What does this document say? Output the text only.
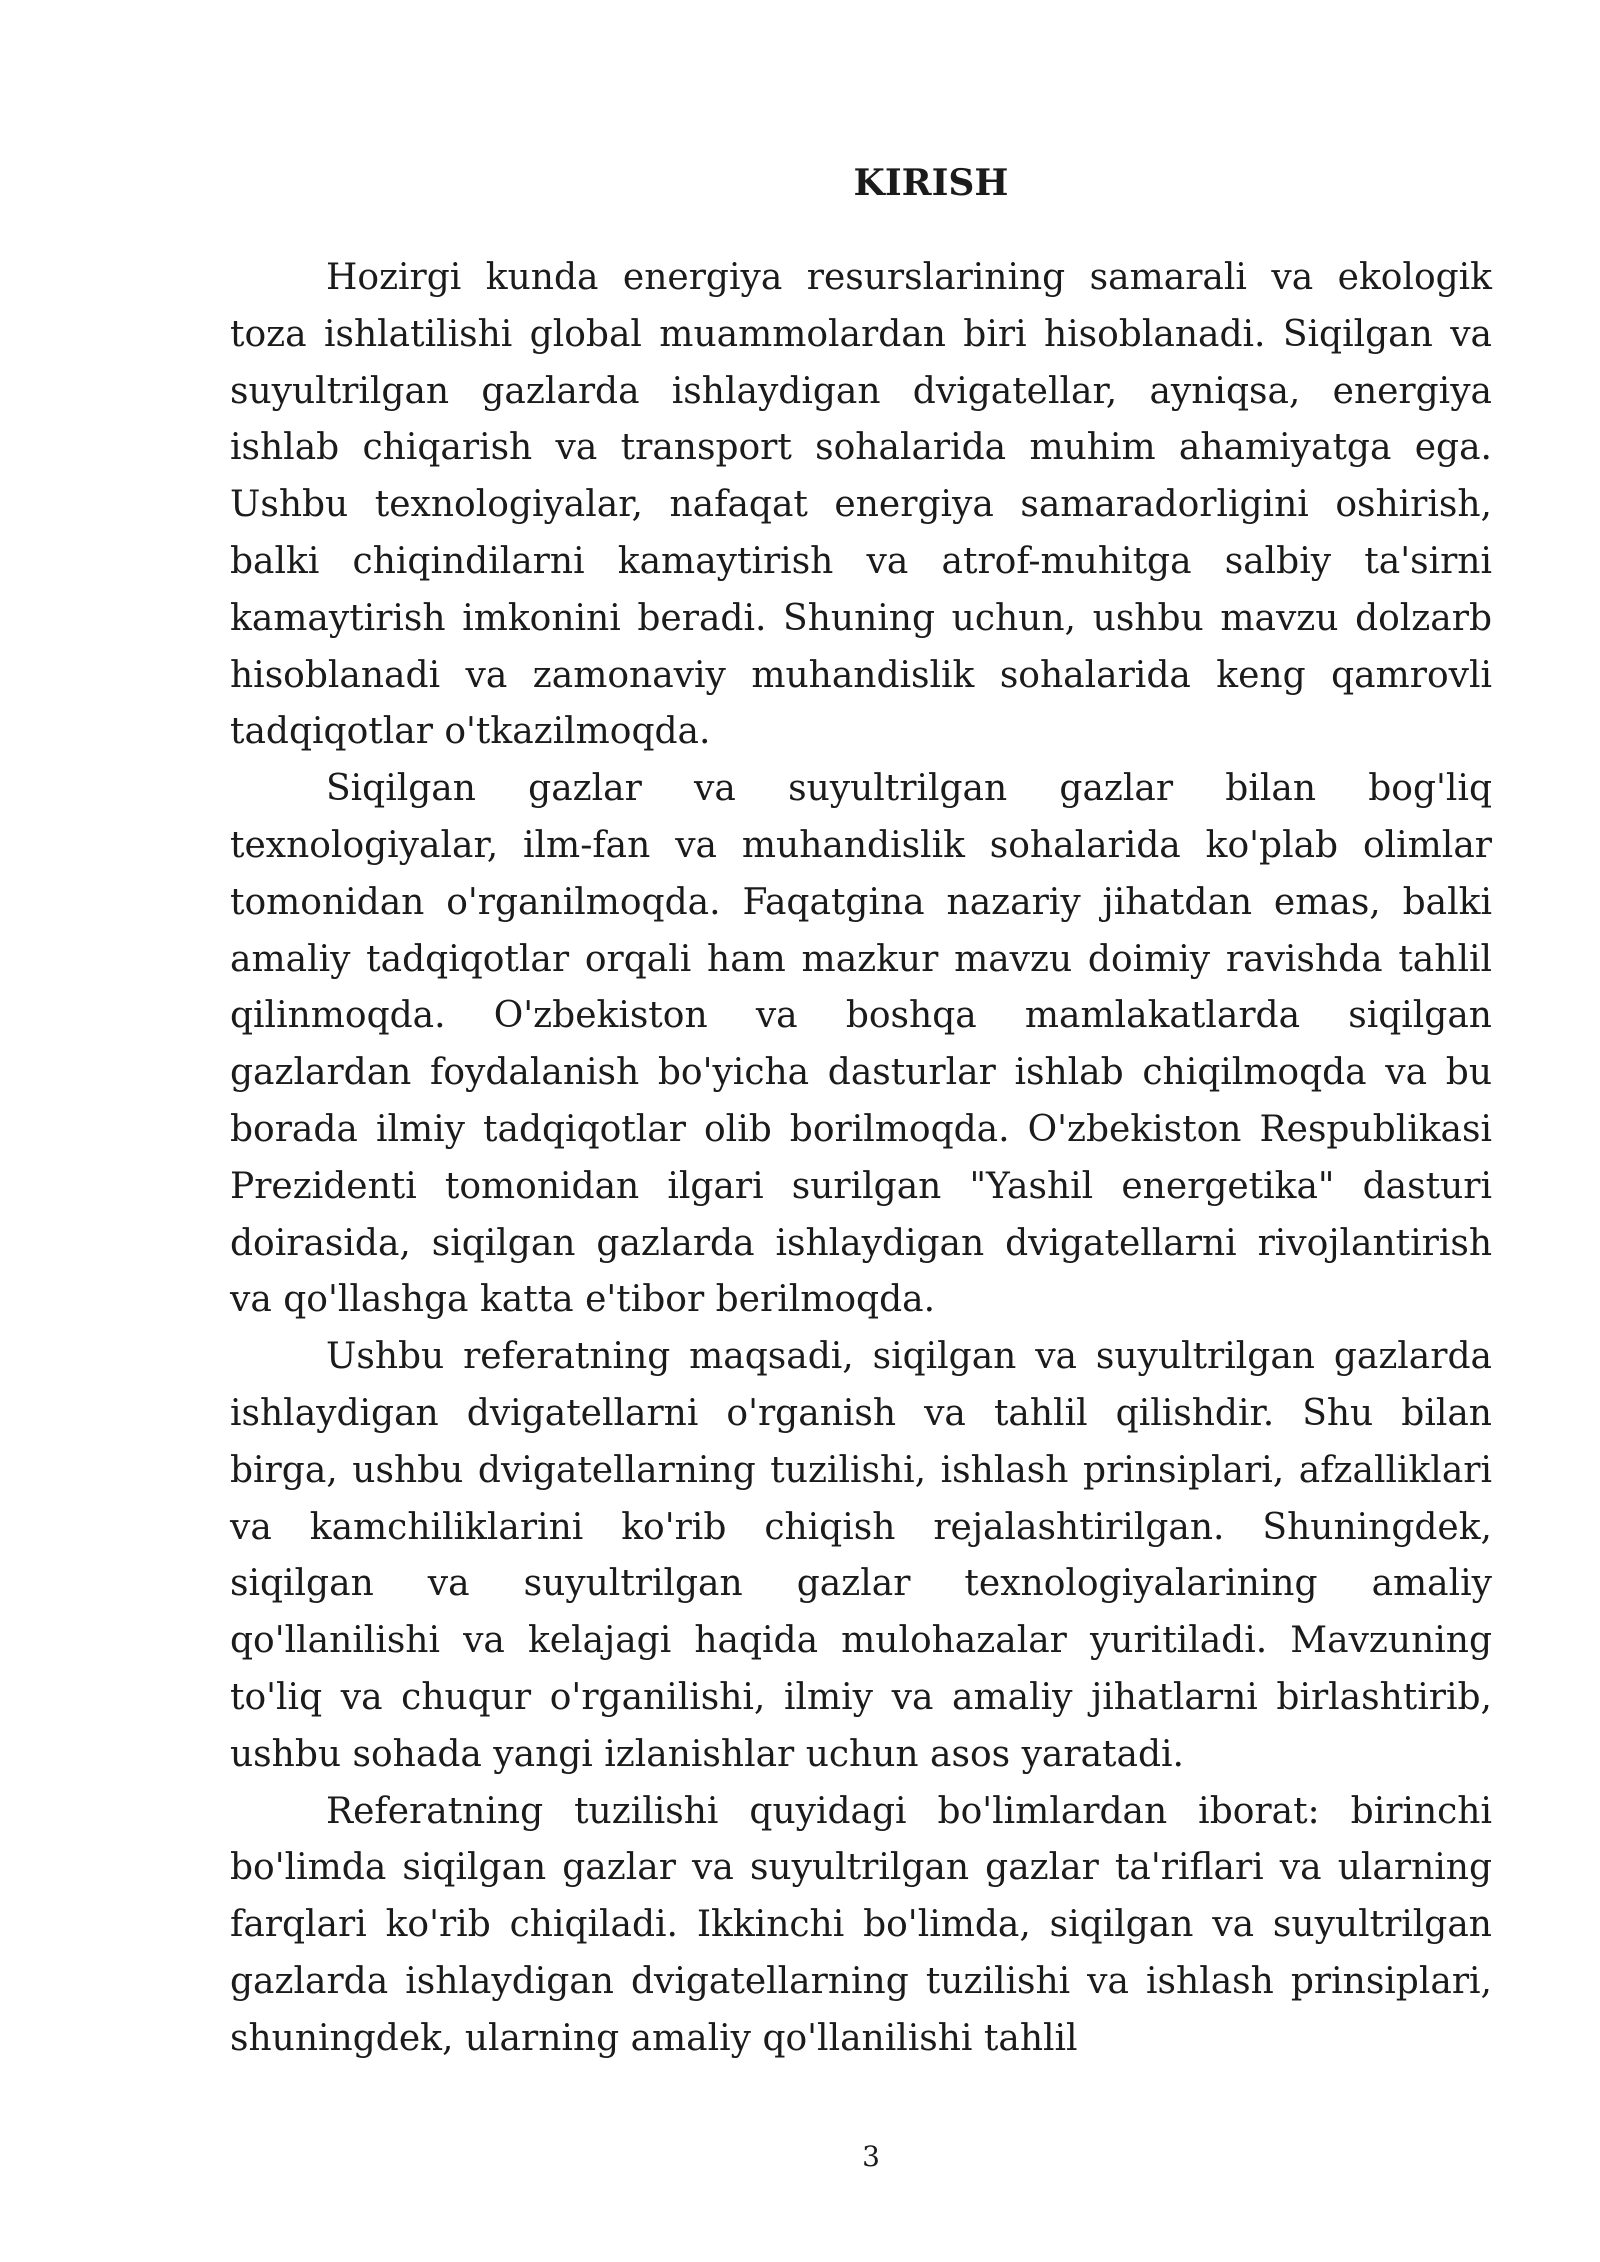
KIRISH

Hozirgi kunda energiya resurslarining samarali va ekologik toza ishlatilishi global muammolardan biri hisoblanadi. Siqilgan va suyultrilgan gazlarda ishlaydigan dvigatellar, ayniqsa, energiya ishlab chiqarish va transport sohalarida muhim ahamiyatga ega. Ushbu texnologiyalar, nafaqat energiya samaradorligini oshirish, balki chiqindilarni kamaytirish va atrof-muhitga salbiy ta'sirni kamaytirish imkonini beradi. Shuning uchun, ushbu mavzu dolzarb hisoblanadi va zamonaviy muhandislik sohalarida keng qamrovli tadqiqotlar o'tkazilmoqda.

Siqilgan gazlar va suyultrilgan gazlar bilan bog'liq texnologiyalar, ilm-fan va muhandislik sohalarida ko'plab olimlar tomonidan o'rganilmoqda. Faqatgina nazariy jihatdan emas, balki amaliy tadqiqotlar orqali ham mazkur mavzu doimiy ravishda tahlil qilinmoqda. O'zbekiston va boshqa mamlakatlarda siqilgan gazlardan foydalanish bo'yicha dasturlar ishlab chiqilmoqda va bu borada ilmiy tadqiqotlar olib borilmoqda. O'zbekiston Respublikasi Prezidenti tomonidan ilgari surilgan "Yashil energetika" dasturi doirasida, siqilgan gazlarda ishlaydigan dvigatellarni rivojlantirish va qo'llashga katta e'tibor berilmoqda.

Ushbu referatning maqsadi, siqilgan va suyultrilgan gazlarda ishlaydigan dvigatellarni o'rganish va tahlil qilishdir. Shu bilan birga, ushbu dvigatellarning tuzilishi, ishlash prinsiplari, afzalliklari va kamchiliklarini ko'rib chiqish rejalashtirilgan. Shuningdek, siqilgan va suyultrilgan gazlar texnologiyalarining amaliy qo'llanilishi va kelajagi haqida mulohazalar yuritiladi. Mavzuning to'liq va chuqur o'rganilishi, ilmiy va amaliy jihatlarni birlashtirib, ushbu sohada yangi izlanishlar uchun asos yaratadi.

Referatning tuzilishi quyidagi bo'limlardan iborat: birinchi bo'limda siqilgan gazlar va suyultrilgan gazlar ta'riflari va ularning farqlari ko'rib chiqiladi. Ikkinchi bo'limda, siqilgan va suyultrilgan gazlarda ishlaydigan dvigatellarning tuzilishi va ishlash prinsiplari, shuningdek, ularning amaliy qo'llanilishi tahlil

3
